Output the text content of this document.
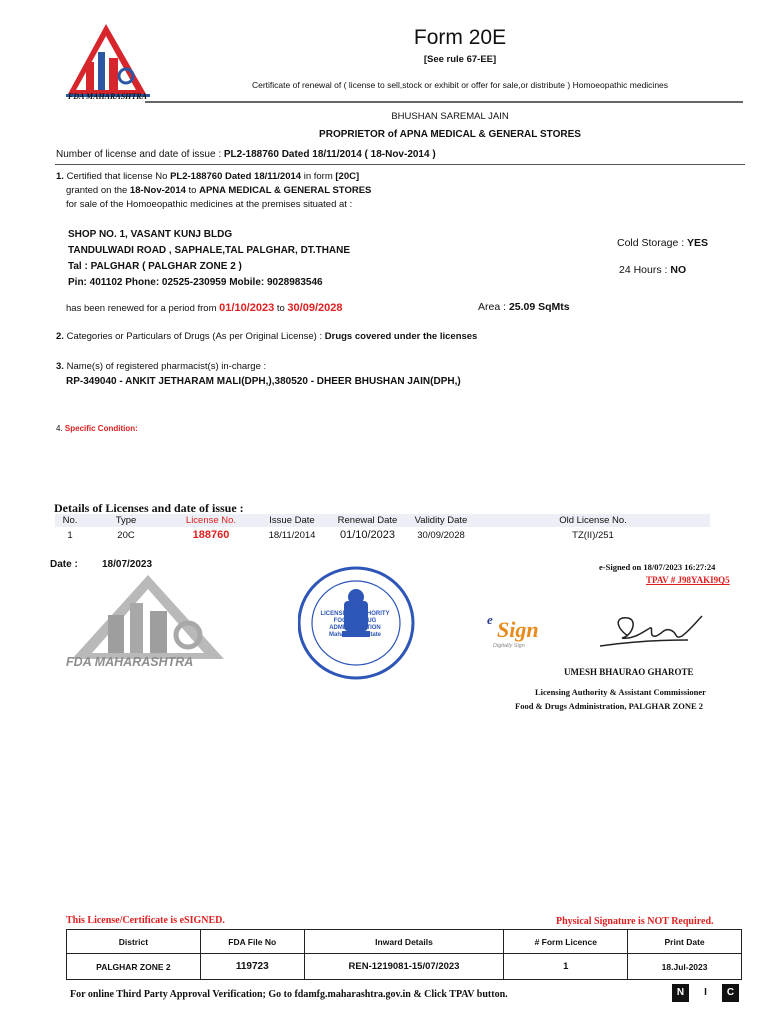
FDA MAHARASHTRA
Form 20E
[See rule 67-EE]
Certificate of renewal of ( license to sell,stock or exhibit or offer for sale,or distribute ) Homoeopathic medicines
BHUSHAN SAREMAL JAIN
PROPRIETOR of APNA MEDICAL & GENERAL STORES
Number of license and date of issue : PL2-188760 Dated 18/11/2014 ( 18-Nov-2014 )
1. Certified that license No PL2-188760 Dated 18/11/2014 in form [20C]
granted on the 18-Nov-2014 to APNA MEDICAL & GENERAL STORES
for sale of the Homoeopathic medicines at the premises situated at :
SHOP NO. 1, VASANT KUNJ BLDG
TANDULWADI ROAD , SAPHALE,TAL PALGHAR, DT.THANE
Tal : PALGHAR ( PALGHAR ZONE 2 )
Pin: 401102 Phone: 02525-230959 Mobile: 9028983546
Cold Storage : YES
24 Hours : NO
has been renewed for a period from 01/10/2023 to 30/09/2028	Area : 25.09 SqMts
2. Categories or Particulars of Drugs (As per Original License) : Drugs covered under the licenses
3. Name(s) of registered pharmacist(s) in-charge :
RP-349040 - ANKIT JETHARAM MALI(DPH,),380520 - DHEER BHUSHAN JAIN(DPH,)
4. Specific Condition:
Details of Licenses and date of issue :
No.	Type	License No.	Issue Date	Renewal Date	Validity Date	Old License No.
1	20C	188760	18/11/2014	01/10/2023	30/09/2028	TZ(II)/251
Date : 18/07/2023
FDA MAHARASHTRA
LICENSING AUTHORITY FOOD & DRUG ADMINISTRATION Maharashtra State
e Sign
Digitally Sign
e-Signed on 18/07/2023 16:27:24
TPAV # J98YAKI9Q5
UMESH BHAURAO GHAROTE
Licensing Authority & Assistant Commissioner
Food & Drugs Administration, PALGHAR ZONE 2
This License/Certificate is eSIGNED.	Physical Signature is NOT Required.
District	FDA File No	Inward Details	# Form Licence	Print Date
PALGHAR ZONE 2	119723	REN-1219081-15/07/2023	1	18.Jul-2023
For online Third Party Approval Verification; Go to fdamfg.maharashtra.gov.in & Click TPAV button.	N	I	C
